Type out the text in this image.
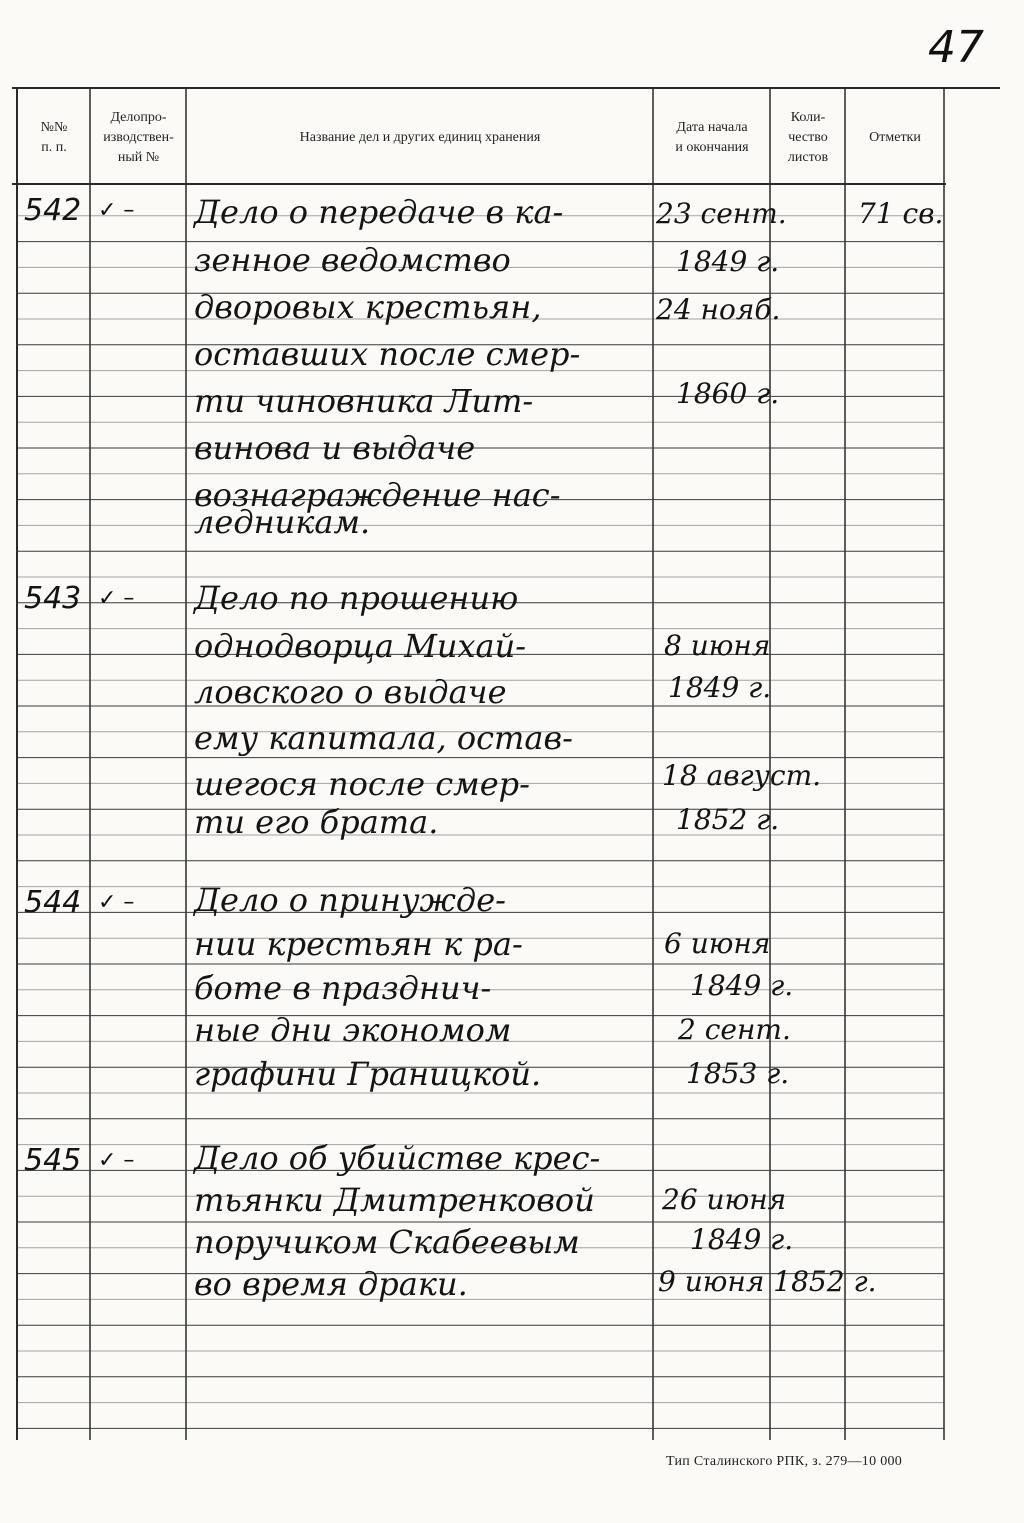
47
№№
п. п.
Делопро-
изводствен-
ный №
Название дел и других единиц хранения
Дата начала
и окончания
Коли-
чество
листов
Отметки
542 ✓ – Дело о передаче в ка-
зенное ведомство
дворовых крестьян,
оставших после смер-
ти чиновника Лит-
винова и выдаче
вознаграждение нас-
ледникам.
23 сент.
1849 г.
24 нояб.
1860 г.
71 св.
543 ✓ – Дело по прошению
однодворца Михай-
ловского о выдаче
ему капитала, остав-
шегося после смер-
ти его брата.
8 июня
1849 г.
18 август.
1852 г.
544 ✓ – Дело о принужде-
нии крестьян к ра-
боте в празднич-
ные дни экономом
графини Границкой.
6 июня
1849 г.
2 сент.
1853 г.
545 ✓ – Дело об убийстве крес-
тьянки Дмитренковой
поручиком Скабеевым
во время драки.
26 июня
1849 г.
9 июня 1852 г.
Тип Сталинского РПК, з. 279—10 000
